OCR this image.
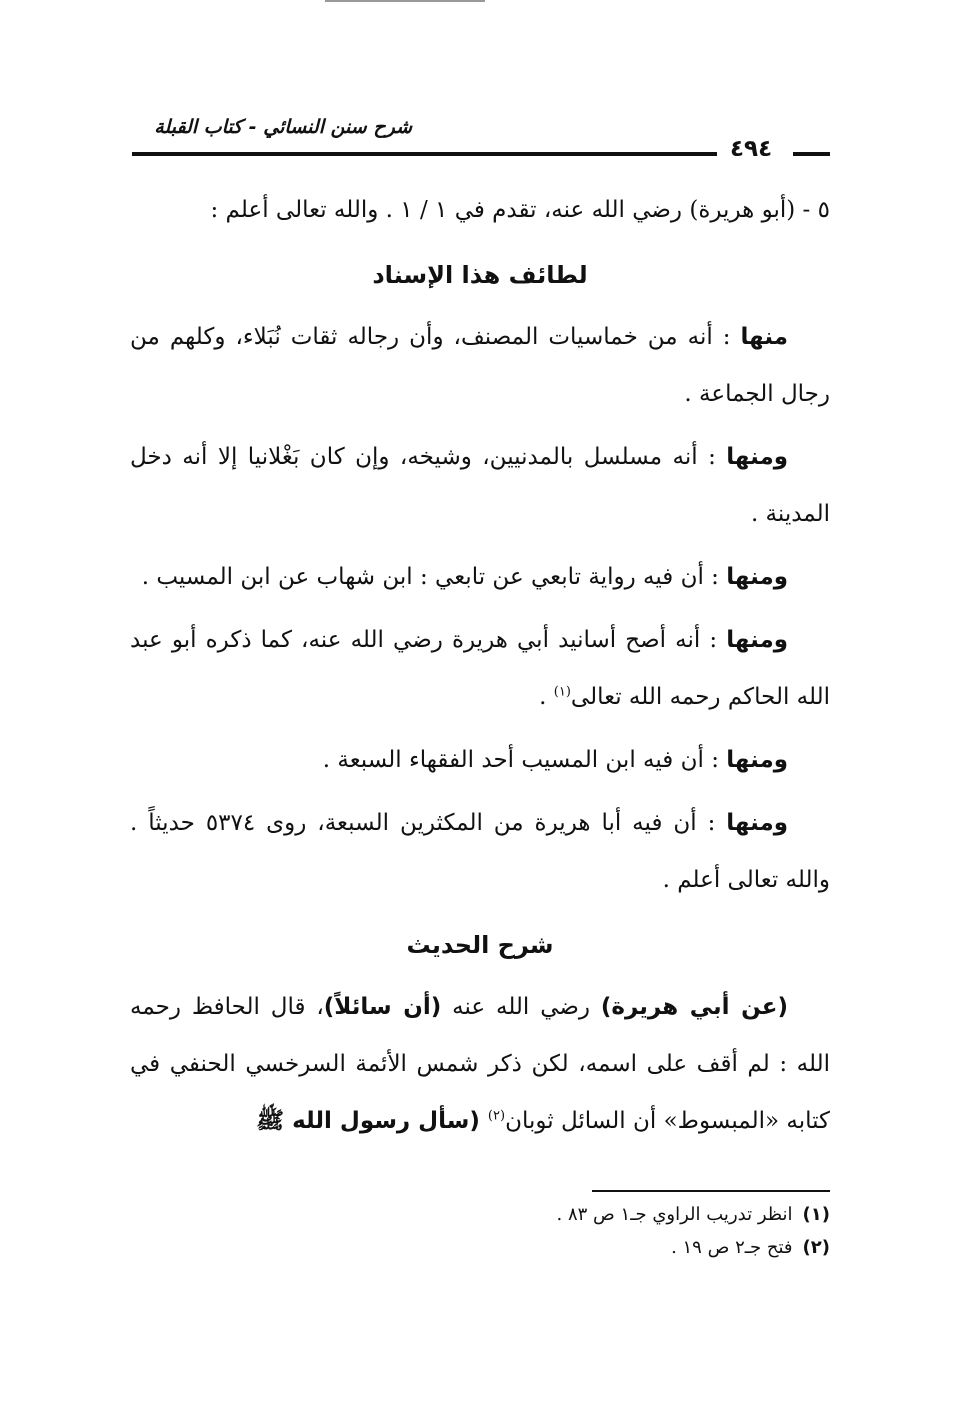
شرح سنن النسائي - كتاب القبلة
٤٩٤

٥ - (أبو هريرة) رضي الله عنه، تقدم في ١ / ١ . والله تعالى أعلم :

لطائف هذا الإسناد

منها : أنه من خماسيات المصنف، وأن رجاله ثقات نُبَلاء، وكلهم من رجال الجماعة .

ومنها : أنه مسلسل بالمدنيين، وشيخه، وإن كان بَغْلانيا إلا أنه دخل المدينة .

ومنها : أن فيه رواية تابعي عن تابعي : ابن شهاب عن ابن المسيب .

ومنها : أنه أصح أسانيد أبي هريرة رضي الله عنه، كما ذكره أبو عبد الله الحاكم رحمه الله تعالى$^{(١)}$ .

ومنها : أن فيه ابن المسيب أحد الفقهاء السبعة .

ومنها : أن فيه أبا هريرة من المكثرين السبعة، روى ٥٣٧٤ حديثاً . والله تعالى أعلم .

شرح الحديث

(عن أبي هريرة) رضي الله عنه (أن سائلاً)، قال الحافظ رحمه الله : لم أقف على اسمه، لكن ذكر شمس الأئمة السرخسي الحنفي في كتابه «المبسوط» أن السائل ثوبان$^{(٢)}$ (سأل رسول الله ﷺ

(١)انظر تدريب الراوي جـ١ ص ٨٣ .

(٢)فتح جـ٢ ص ١٩ .
